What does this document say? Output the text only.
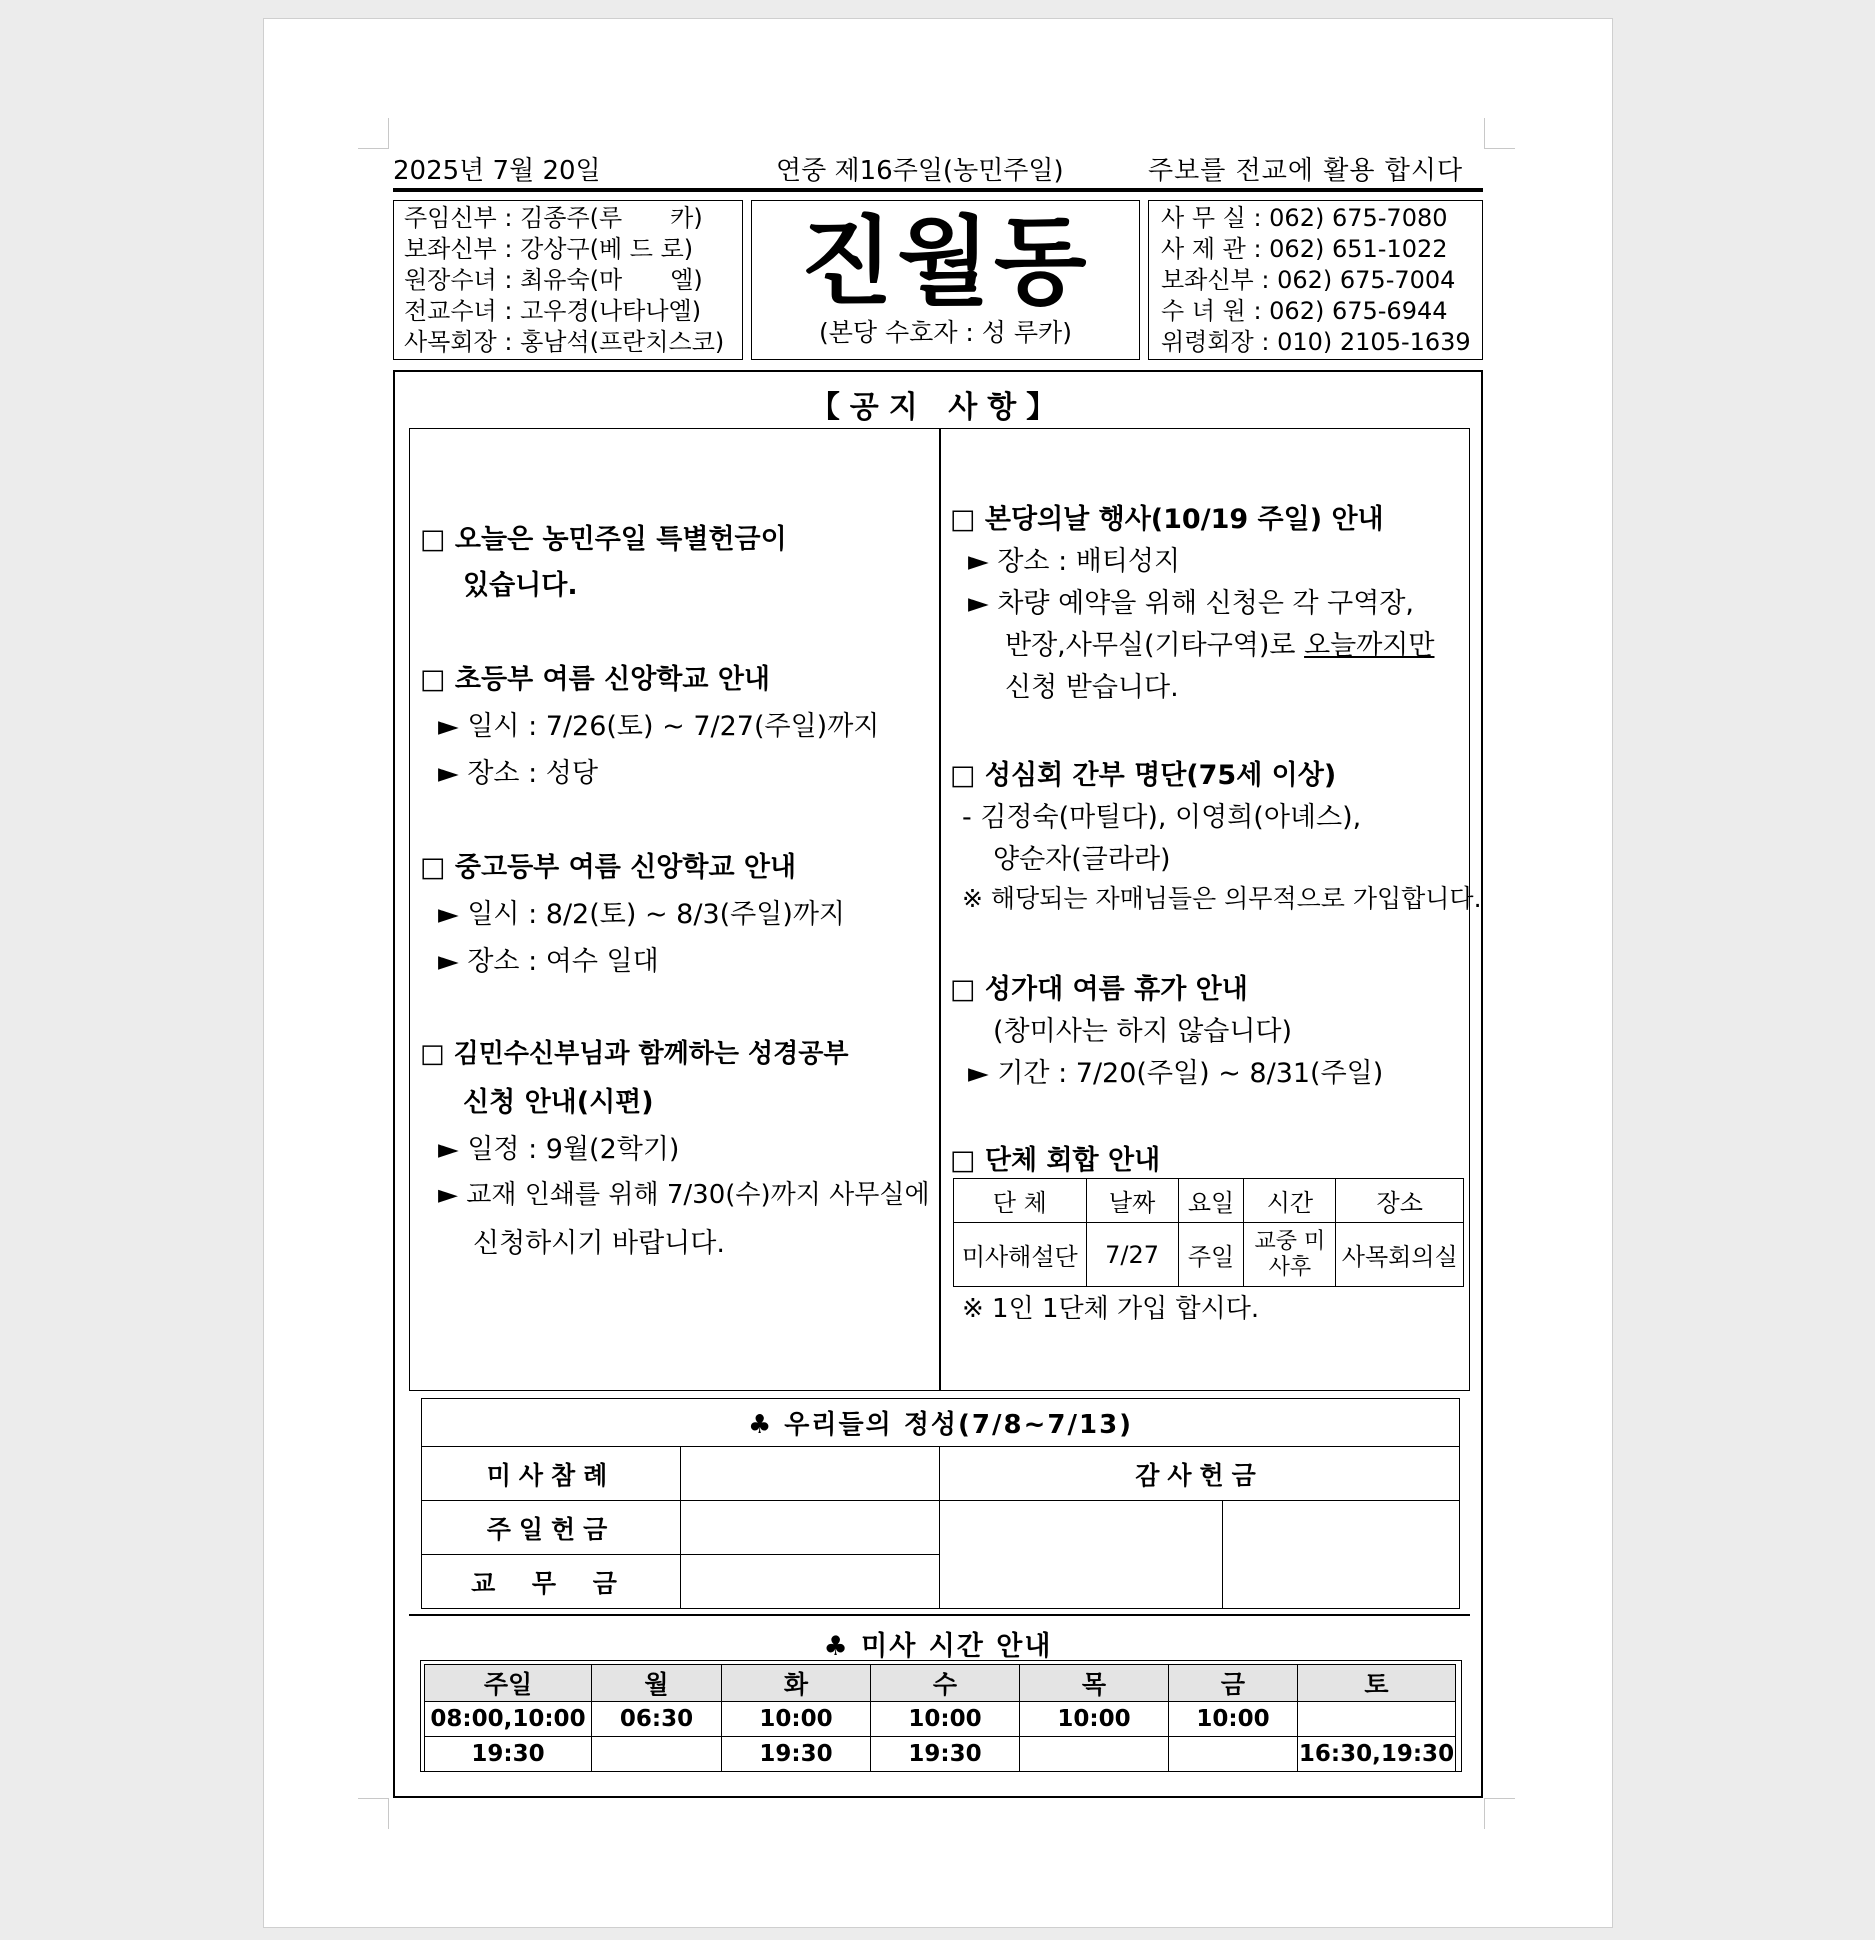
2025년 7월 20일	연중 제16주일(농민주일)	주보를 전교에 활용 합시다
주임신부 : 김종주(루　　카)
보좌신부 : 강상구(베 드 로)
원장수녀 : 최유숙(마　　엘)
전교수녀 : 고우경(나타나엘)
사목회장 : 홍남석(프란치스코)
진월동
(본당 수호자 : 성 루카)
사 무 실 : 062) 675-7080
사 제 관 : 062) 651-1022
보좌신부 : 062) 675-7004
수 녀 원 : 062) 675-6944
위령회장 : 010) 2105-1639
【공지 사항】
□ 오늘은 농민주일 특별헌금이
있습니다.
□ 초등부 여름 신앙학교 안내
► 일시 : 7/26(토) ~ 7/27(주일)까지
► 장소 : 성당
□ 중고등부 여름 신앙학교 안내
► 일시 : 8/2(토) ~ 8/3(주일)까지
► 장소 : 여수 일대
□ 김민수신부님과 함께하는 성경공부
신청 안내(시편)
► 일정 : 9월(2학기)
► 교재 인쇄를 위해 7/30(수)까지 사무실에
신청하시기 바랍니다.
□ 본당의날 행사(10/19 주일) 안내
► 장소 : 배티성지
► 차량 예약을 위해 신청은 각 구역장,
반장,사무실(기타구역)로 오늘까지만
신청 받습니다.
□ 성심회 간부 명단(75세 이상)
- 김정숙(마틸다), 이영희(아녜스),
양순자(글라라)
※ 해당되는 자매님들은 의무적으로 가입합니다.
□ 성가대 여름 휴가 안내
(창미사는 하지 않습니다)
► 기간 : 7/20(주일) ~ 8/31(주일)
□ 단체 회합 안내
단 체	날짜	요일	시간	장소
미사해설단	7/27	주일	교중 미사후	사목회의실
※ 1인 1단체 가입 합시다.
♣ 우리들의 정성(7/8~7/13)			
미사참례		감사헌금	
주일헌금			
교 무 금			
♣ 미사 시간 안내
주일	월	화	수	목	금	토
08:00,10:00	06:30	10:00	10:00	10:00	10:00	
19:30		19:30	19:30			16:30,19:30
